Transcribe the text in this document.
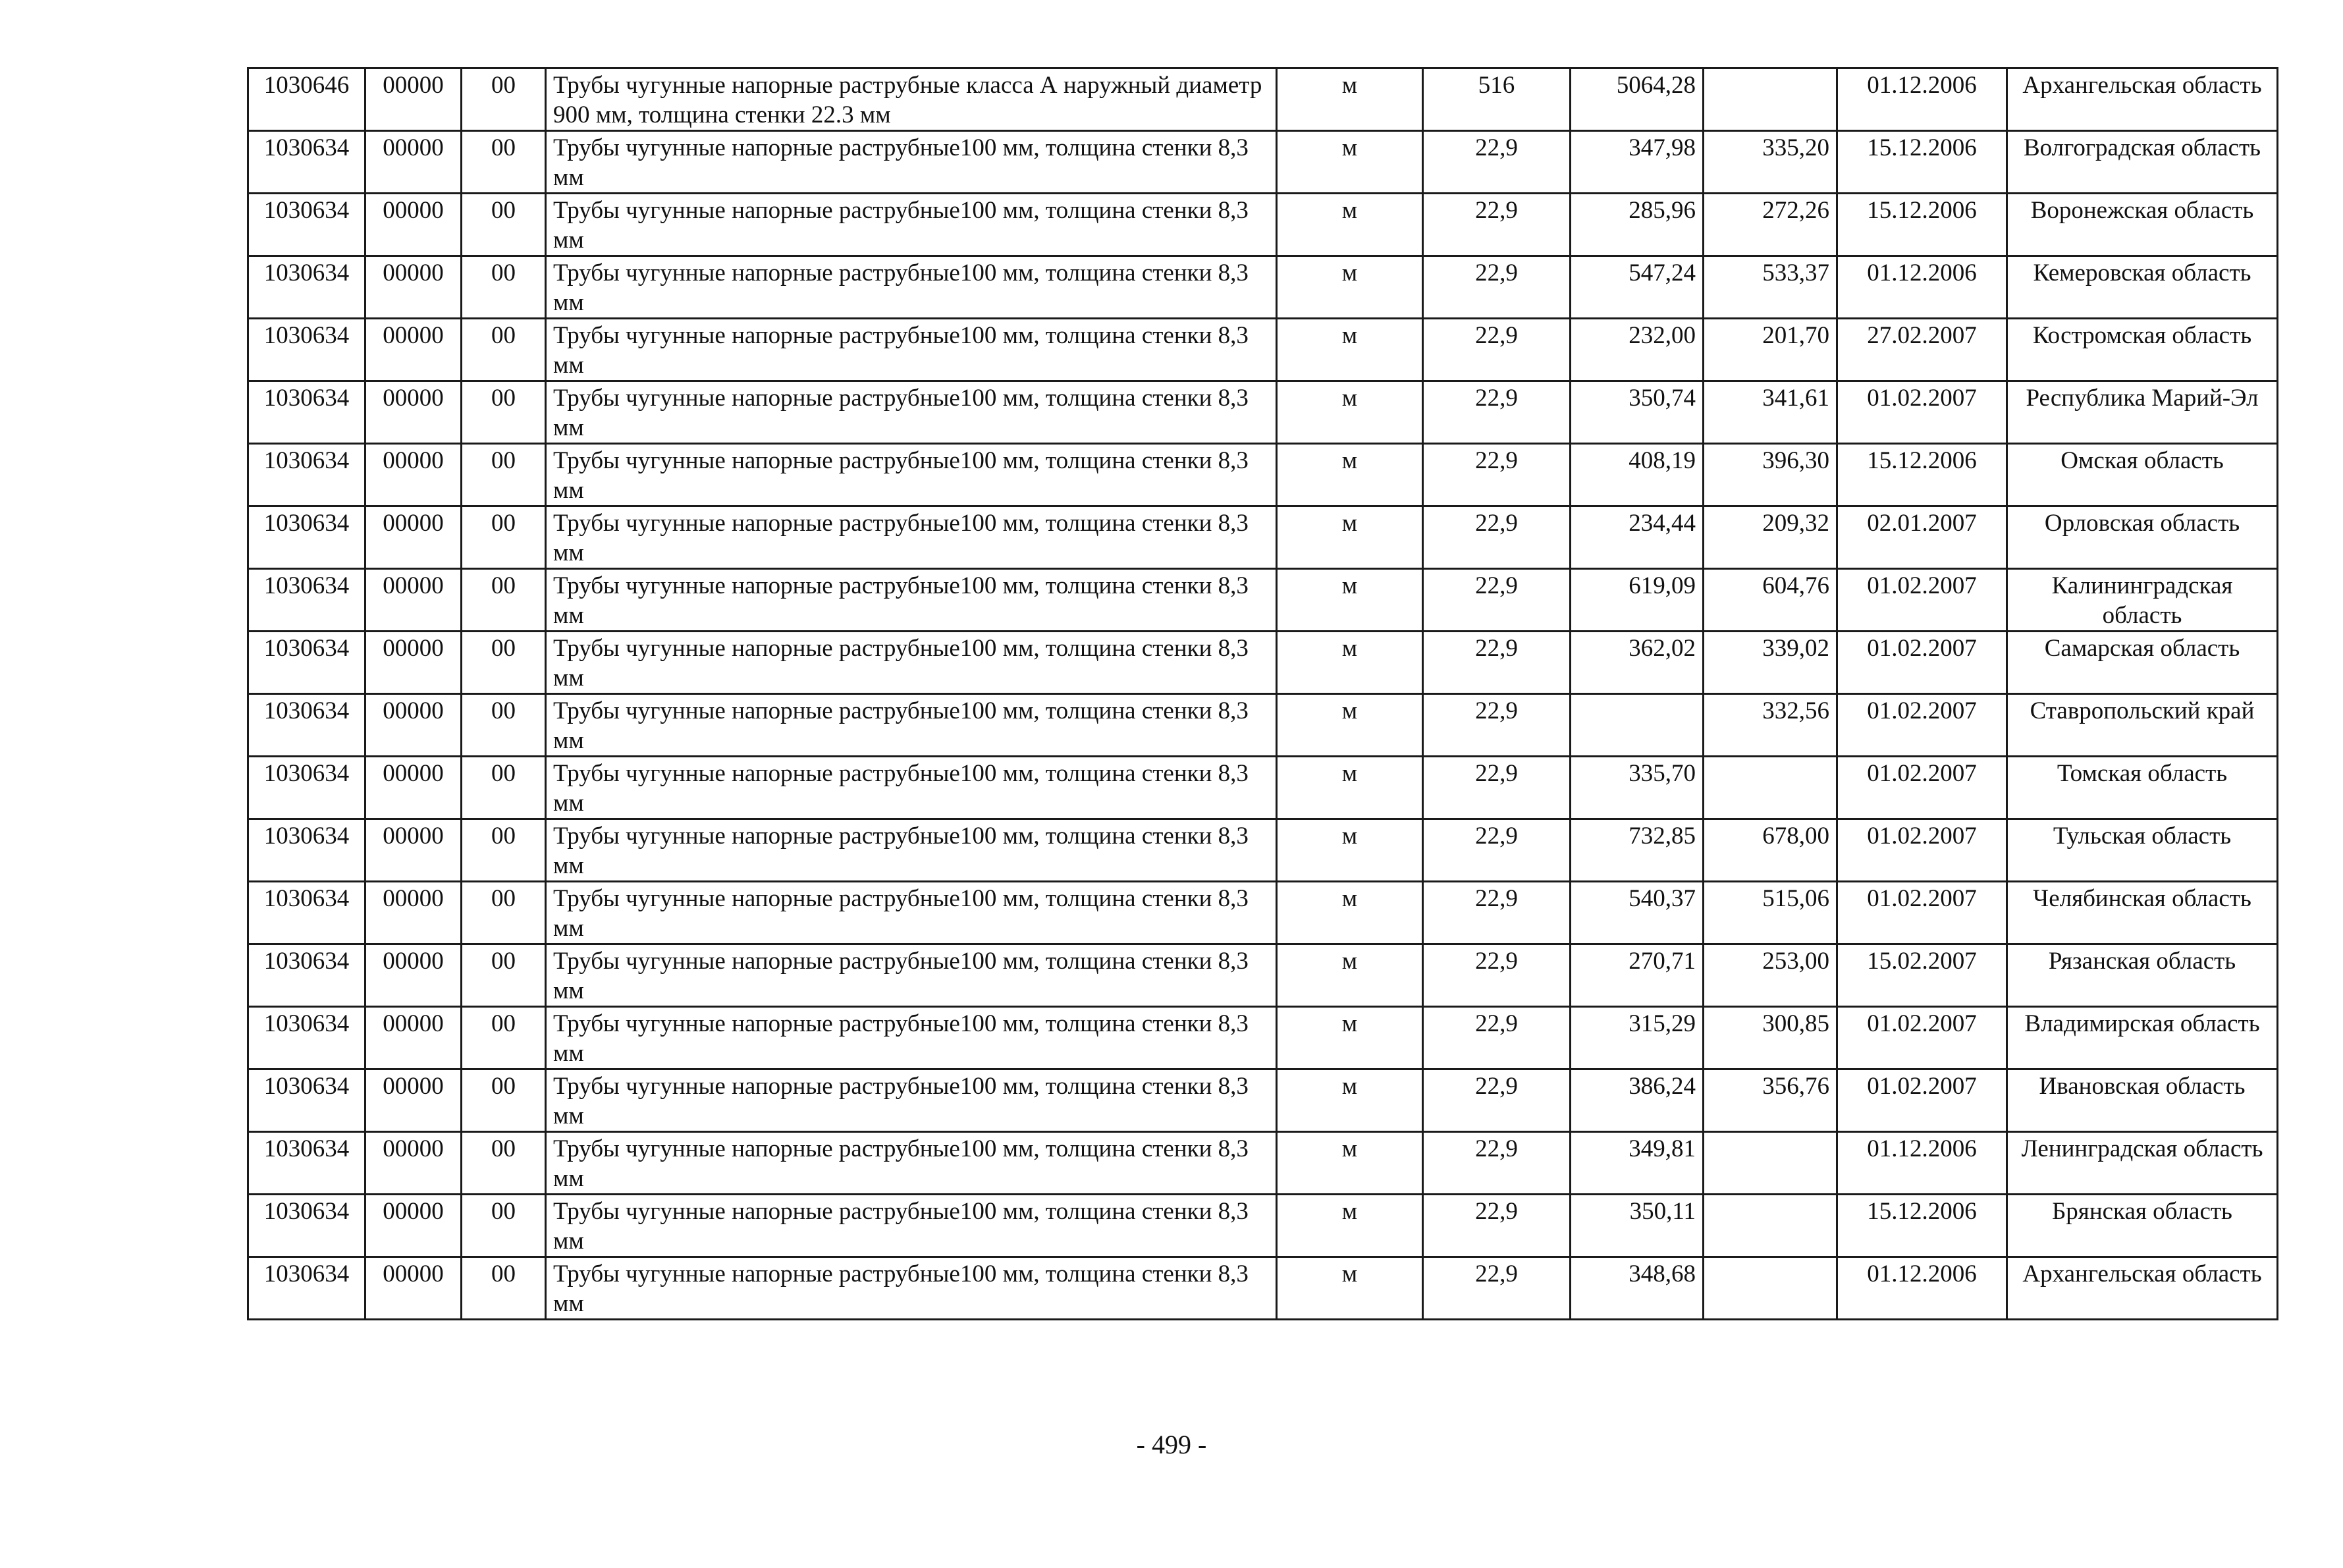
1030646	00000	00	Трубы чугунные напорные раструбные класса А наружный диаметр 900 мм, толщина стенки 22.3 мм	м	516	5064,28		01.12.2006	Архангельская область
1030634	00000	00	Трубы чугунные напорные раструбные100 мм, толщина стенки 8,3 мм	м	22,9	347,98	335,20	15.12.2006	Волгоградская область
1030634	00000	00	Трубы чугунные напорные раструбные100 мм, толщина стенки 8,3 мм	м	22,9	285,96	272,26	15.12.2006	Воронежская область
1030634	00000	00	Трубы чугунные напорные раструбные100 мм, толщина стенки 8,3 мм	м	22,9	547,24	533,37	01.12.2006	Кемеровская область
1030634	00000	00	Трубы чугунные напорные раструбные100 мм, толщина стенки 8,3 мм	м	22,9	232,00	201,70	27.02.2007	Костромская область
1030634	00000	00	Трубы чугунные напорные раструбные100 мм, толщина стенки 8,3 мм	м	22,9	350,74	341,61	01.02.2007	Республика Марий-Эл
1030634	00000	00	Трубы чугунные напорные раструбные100 мм, толщина стенки 8,3 мм	м	22,9	408,19	396,30	15.12.2006	Омская область
1030634	00000	00	Трубы чугунные напорные раструбные100 мм, толщина стенки 8,3 мм	м	22,9	234,44	209,32	02.01.2007	Орловская область
1030634	00000	00	Трубы чугунные напорные раструбные100 мм, толщина стенки 8,3 мм	м	22,9	619,09	604,76	01.02.2007	Калининградская область
1030634	00000	00	Трубы чугунные напорные раструбные100 мм, толщина стенки 8,3 мм	м	22,9	362,02	339,02	01.02.2007	Самарская область
1030634	00000	00	Трубы чугунные напорные раструбные100 мм, толщина стенки 8,3 мм	м	22,9		332,56	01.02.2007	Ставропольский край
1030634	00000	00	Трубы чугунные напорные раструбные100 мм, толщина стенки 8,3 мм	м	22,9	335,70		01.02.2007	Томская область
1030634	00000	00	Трубы чугунные напорные раструбные100 мм, толщина стенки 8,3 мм	м	22,9	732,85	678,00	01.02.2007	Тульская область
1030634	00000	00	Трубы чугунные напорные раструбные100 мм, толщина стенки 8,3 мм	м	22,9	540,37	515,06	01.02.2007	Челябинская область
1030634	00000	00	Трубы чугунные напорные раструбные100 мм, толщина стенки 8,3 мм	м	22,9	270,71	253,00	15.02.2007	Рязанская область
1030634	00000	00	Трубы чугунные напорные раструбные100 мм, толщина стенки 8,3 мм	м	22,9	315,29	300,85	01.02.2007	Владимирская область
1030634	00000	00	Трубы чугунные напорные раструбные100 мм, толщина стенки 8,3 мм	м	22,9	386,24	356,76	01.02.2007	Ивановская область
1030634	00000	00	Трубы чугунные напорные раструбные100 мм, толщина стенки 8,3 мм	м	22,9	349,81		01.12.2006	Ленинградская область
1030634	00000	00	Трубы чугунные напорные раструбные100 мм, толщина стенки 8,3 мм	м	22,9	350,11		15.12.2006	Брянская область
1030634	00000	00	Трубы чугунные напорные раструбные100 мм, толщина стенки 8,3 мм	м	22,9	348,68		01.12.2006	Архангельская область
- 499 -
